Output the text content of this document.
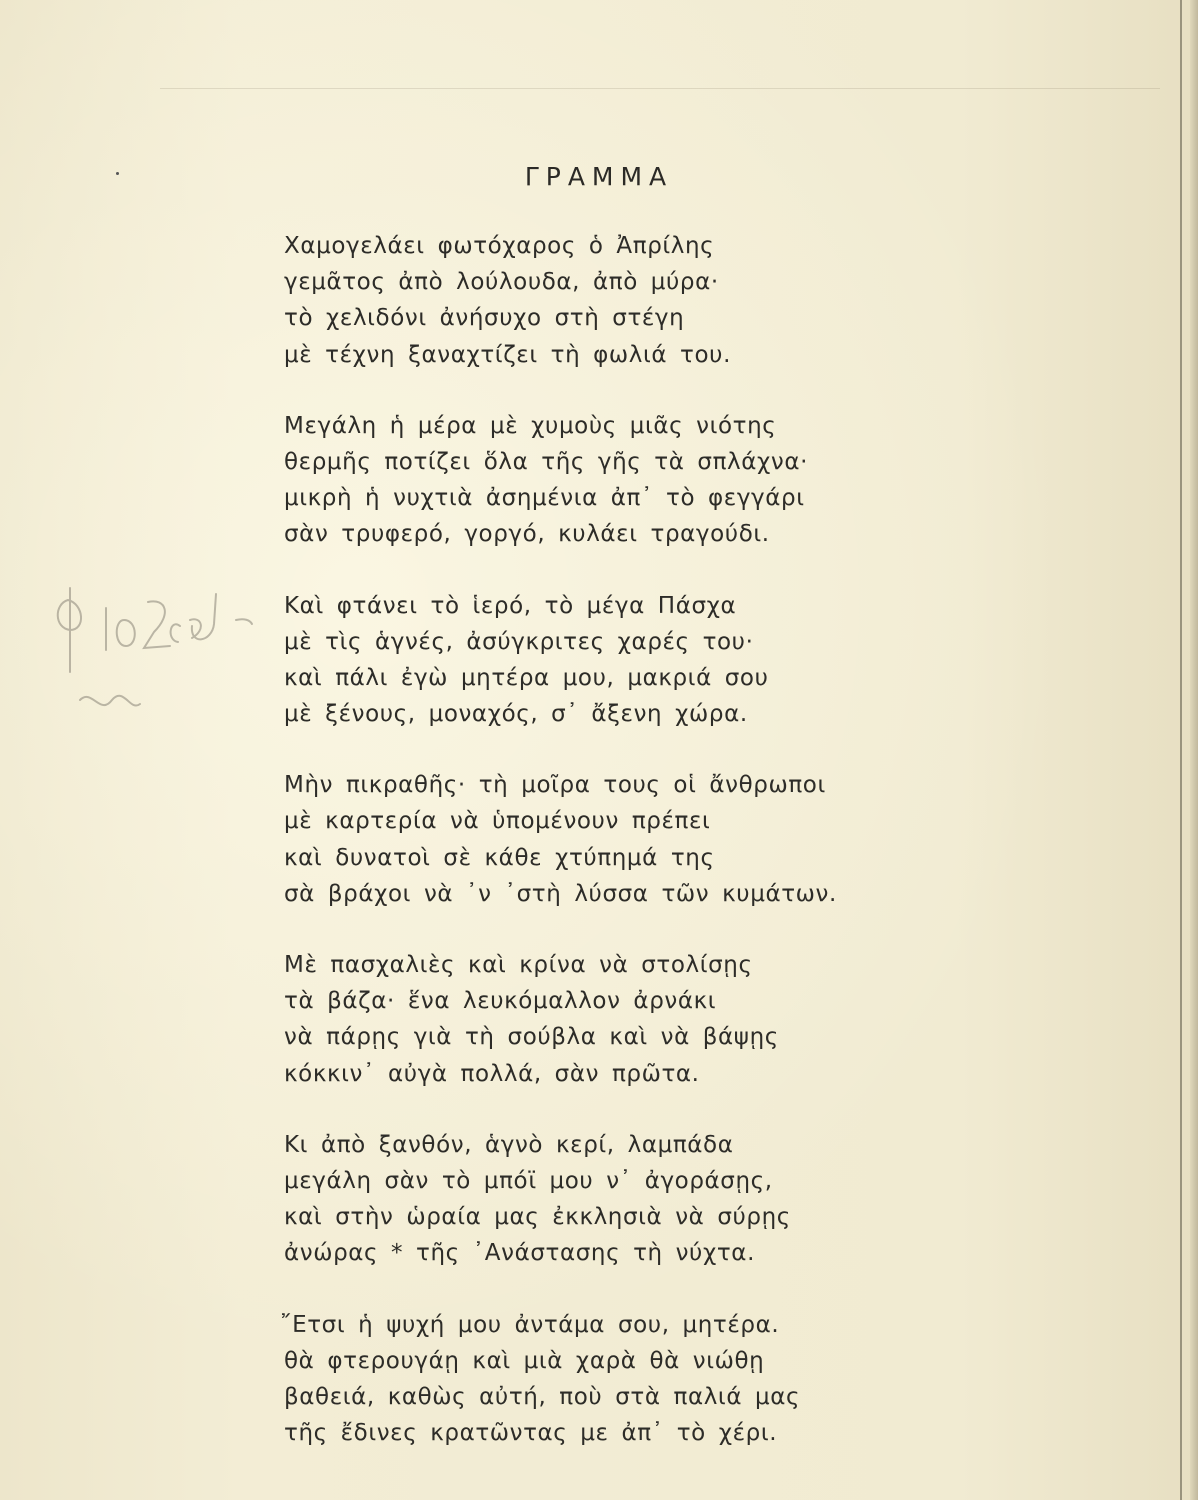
ΓΡΑΜΜΑ
Χαμογελάει φωτόχαρος ὁ Ἀπρίλης
γεμᾶτος ἀπὸ λούλουδα, ἀπὸ μύρα·
τὸ χελιδόνι ἀνήσυχο στὴ στέγη
μὲ τέχνη ξαναχτίζει τὴ φωλιά του.
Μεγάλη ἡ μέρα μὲ χυμοὺς μιᾶς νιότης
θερμῆς ποτίζει ὅλα τῆς γῆς τὰ σπλάχνα·
μικρὴ ἡ νυχτιὰ ἀσημένια ἀπ᾽ τὸ φεγγάρι
σὰν τρυφερό, γοργό, κυλάει τραγούδι.
Καὶ φτάνει τὸ ἱερό, τὸ μέγα Πάσχα
μὲ τὶς ἁγνές, ἀσύγκριτες χαρές του·
καὶ πάλι ἐγὼ μητέρα μου, μακριά σου
μὲ ξένους, μοναχός, σ᾽ ἄξενη χώρα.
Μὴν πικραθῆς· τὴ μοῖρα τους οἱ ἄνθρωποι
μὲ καρτερία νὰ ὑπομένουν πρέπει
καὶ δυνατοὶ σὲ κάθε χτύπημά της
σὰ βράχοι νὰ ᾽ν ᾽στὴ λύσσα τῶν κυμάτων.
Μὲ πασχαλιὲς καὶ κρίνα νὰ στολίσῃς
τὰ βάζα· ἕνα λευκόμαλλον ἀρνάκι
νὰ πάρῃς γιὰ τὴ σούβλα καὶ νὰ βάψῃς
κόκκιν᾽ αὐγὰ πολλά, σὰν πρῶτα.
Κι ἀπὸ ξανθόν, ἁγνὸ κερί, λαμπάδα
μεγάλη σὰν τὸ μπόϊ μου ν᾽ ἀγοράσῃς,
καὶ στὴν ὡραία μας ἐκκλησιὰ νὰ σύρῃς
ἀνώρας * τῆς ᾽Ανάστασης τὴ νύχτα.
῎Ετσι ἡ ψυχή μου ἀντάμα σου, μητέρα.
θὰ φτερουγάῃ καὶ μιὰ χαρὰ θὰ νιώθῃ
βαθειά, καθὼς αὐτή, ποὺ στὰ παλιά μας
τῆς ἔδινες κρατῶντας με ἀπ᾽ τὸ χέρι.
